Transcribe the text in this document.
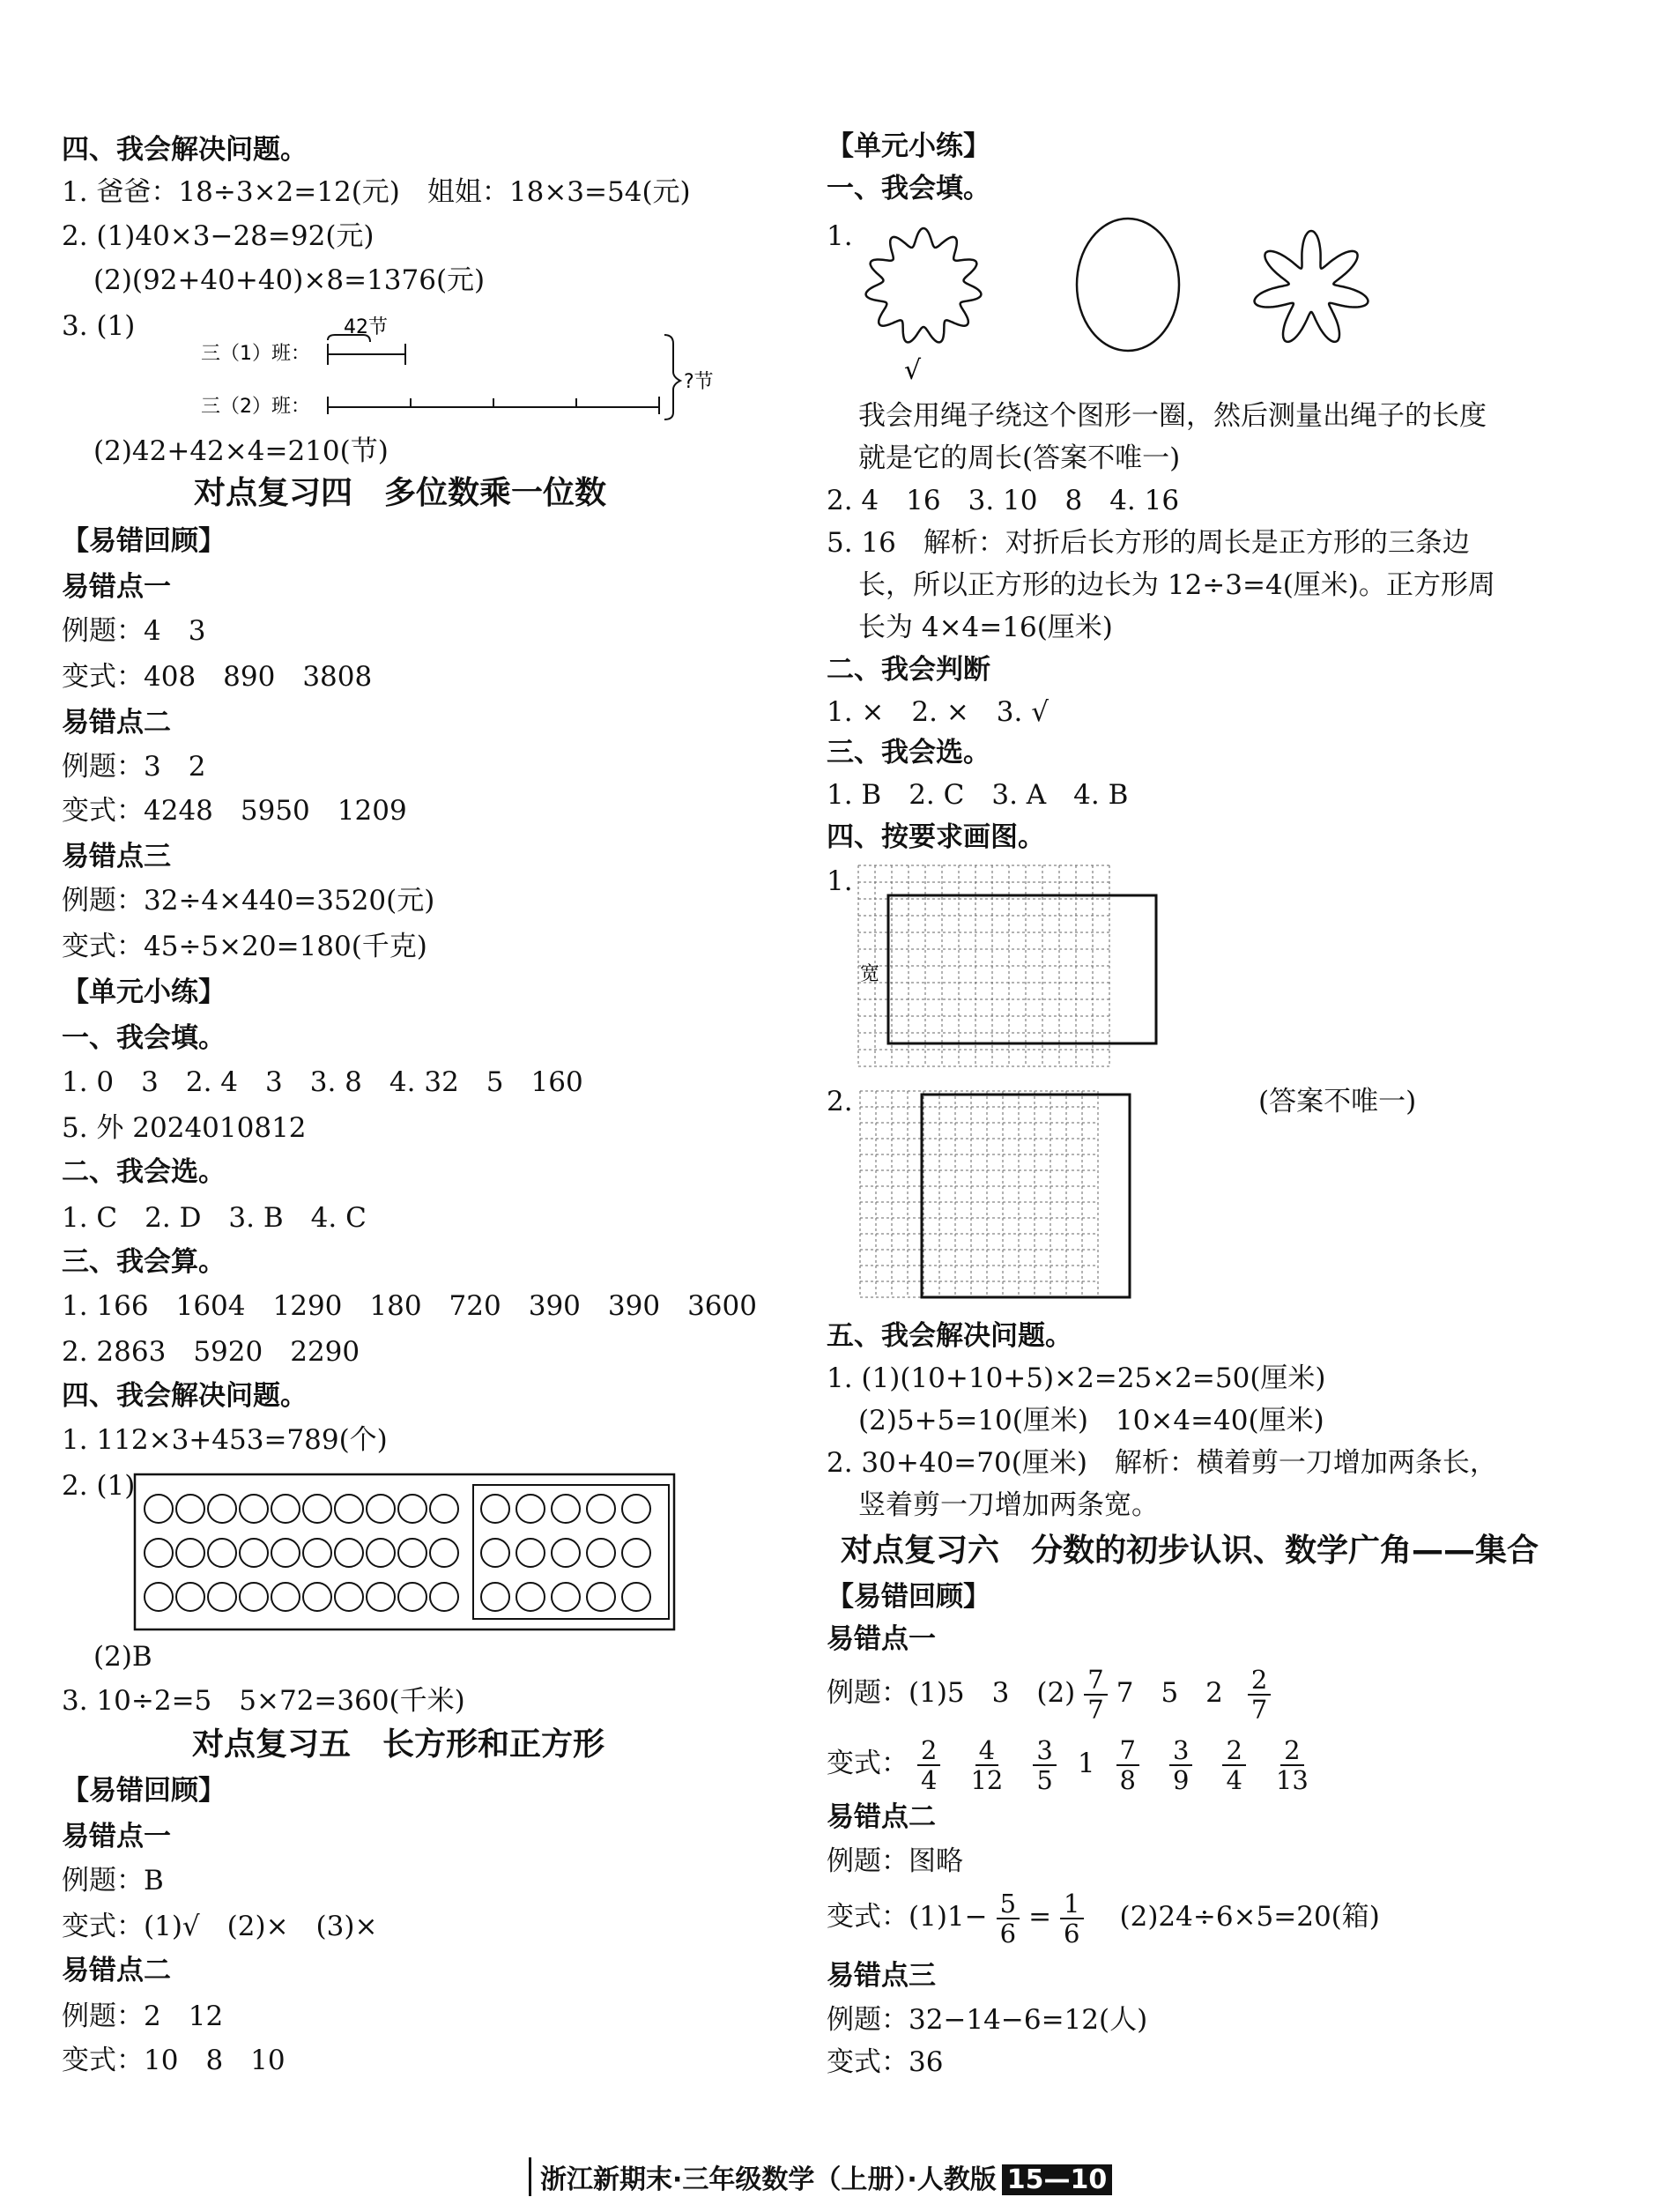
四、我会解决问题。
1. 爸爸：18÷3×2=12(元)　姐姐：18×3=54(元)
2. (1)40×3−28=92(元)
(2)(92+40+40)×8=1376(元)
3. (1)	42节
三（1）班：
三（2）班：
?节
(2)42+42×4=210(节)
对点复习四　多位数乘一位数
【易错回顾】
易错点一
例题：4　3
变式：408　890　3808
易错点二
例题：3　2
变式：4248　5950　1209
易错点三
例题：32÷4×440=3520(元)
变式：45÷5×20=180(千克)
【单元小练】
一、我会填。
1. 0　3　2. 4　3　3. 8　4. 32　5　160
5. 外 2024010812
二、我会选。
1. C　2. D　3. B　4. C
三、我会算。
1. 166　1604　1290　180　720　390　390　3600
2. 2863　5920　2290
四、我会解决问题。
1. 112×3+453=789(个)
2. (1)
(2)B
3. 10÷2=5　5×72=360(千米)
对点复习五　长方形和正方形
【易错回顾】
易错点一
例题：B
变式：(1)√　(2)×　(3)×
易错点二
例题：2　12
变式：10　8　10
【单元小练】
一、我会填。
1.
√
我会用绳子绕这个图形一圈，然后测量出绳子的长度
就是它的周长(答案不唯一)
2. 4　16　3. 10　8　4. 16
5. 16　解析：对折后长方形的周长是正方形的三条边
长，所以正方形的边长为 12÷3=4(厘米)。正方形周
长为 4×4=16(厘米)
二、我会判断
1. ×　2. ×　3. √
三、我会选。
1. B　2. C　3. A　4. B
四、按要求画图。
1.
宽
2.	(答案不唯一)
五、我会解决问题。
1. (1)(10+10+5)×2=25×2=50(厘米)
(2)5+5=10(厘米)　10×4=40(厘米)
2. 30+40=70(厘米)　解析：横着剪一刀增加两条长，
竖着剪一刀增加两条宽。
对点复习六　分数的初步认识、数学广角——集合
【易错回顾】
易错点一
例题：(1)5　3　$(2) \frac{7}{7} 7$　5　$2 \frac{2}{7}$
变式： $\frac{2}{4} \frac{4}{12} \frac{3}{5} 1 \frac{7}{8} \frac{3}{9} \frac{2}{4} \frac{2}{13}$
易错点二
例题：图略
变式：$(1)1- \frac{5}{6} = \frac{1}{6}$ 　(2)24÷6×5=20(箱)
易错点三
例题：32−14−6=12(人)
变式：36
浙江新期末·三年级数学（上册）·人教版 15—10
